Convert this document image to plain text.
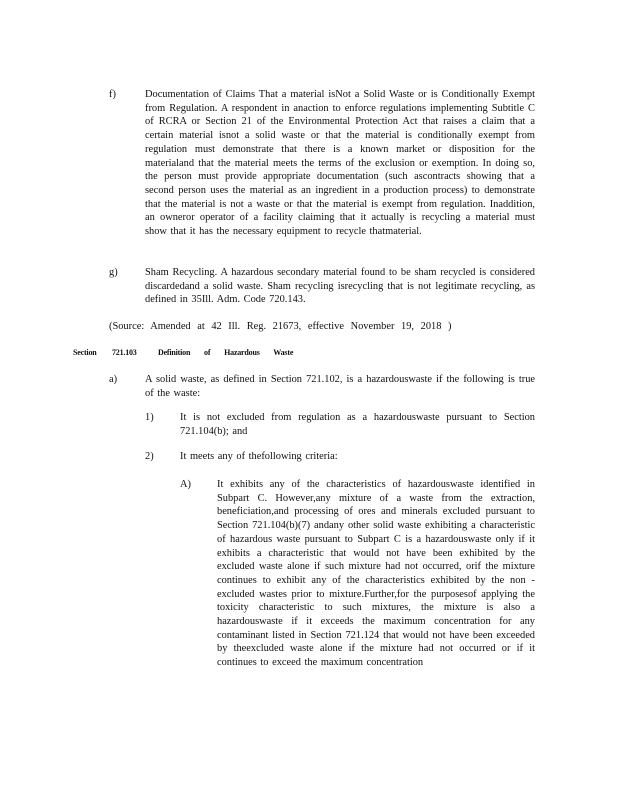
f)	Documentation of Claims That a material isNot a Solid Waste or is Conditionally Exempt from Regulation. A respondent in anaction to enforce regulations implementing Subtitle C of RCRA or Section 21 of the Environmental Protection Act that raises a claim that a certain material isnot a solid waste or that the material is conditionally exempt from regulation must demonstrate that there is a known market or disposition for the materialand that the material meets the terms of the exclusion or exemption. In doing so, the person must provide appropriate documentation (such ascontracts showing that a second person uses the material as an ingredient in a production process) to demonstrate that the material is not a waste or that the material is exempt from regulation. Inaddition, an owneror operator of a facility claiming that it actually is recycling a material must show that it has the necessary equipment to recycle thatmaterial.
g)	Sham Recycling. A hazardous secondary material found to be sham recycled is considered discardedand a solid waste. Sham recycling isrecycling that is not legitimate recycling, as defined in 35Ill. Adm. Code 720.143.
(Source: Amended at 42 Ill. Reg. 21673, effective November 19, 2018 )
Section 721.103	Definition of Hazardous Waste
a)	A solid waste, as defined in Section 721.102, is a hazardouswaste if the following is true of the waste:
1)	It is not excluded from regulation as a hazardouswaste pursuant to Section 721.104(b); and
2)	It meets any of thefollowing criteria:
A)	It exhibits any of the characteristics of hazardouswaste identified in Subpart C. However,any mixture of a waste from the extraction, beneficiation,and processing of ores and minerals excluded pursuant to Section 721.104(b)(7) andany other solid waste exhibiting a characteristic of hazardous waste pursuant to Subpart C is a hazardouswaste only if it exhibits a characteristic that would not have been exhibited by the excluded waste alone if such mixture had not occurred, orif the mixture continues to exhibit any of the characteristics exhibited by the non -excluded wastes prior to mixture.Further,for the purposesof applying the toxicity characteristic to such mixtures, the mixture is also a hazardouswaste if it exceeds the maximum concentration for any contaminant listed in Section 721.124 that would not have been exceeded by theexcluded waste alone if the mixture had not occurred or if it continues to exceed the maximum concentration
